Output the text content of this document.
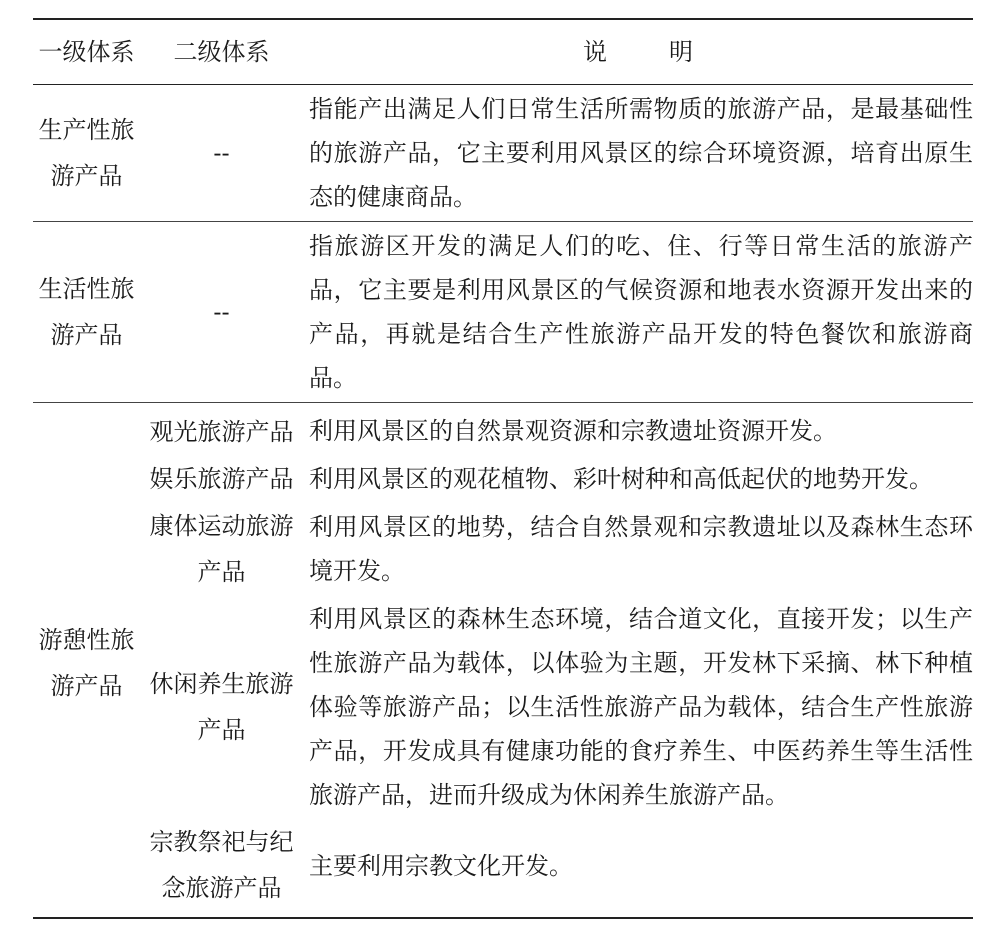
一级体系	二级体系	说明
生产性旅游产品	--	指能产出满足人们日常生活所需物质的旅游产品，是最基础性的旅游产品，它主要利用风景区的综合环境资源，培育出原生态的健康商品。
生活性旅游产品	--	指旅游区开发的满足人们的吃、住、行等日常生活的旅游产品，它主要是利用风景区的气候资源和地表水资源开发出来的产品，再就是结合生产性旅游产品开发的特色餐饮和旅游商品。
游憩性旅游产品	观光旅游产品	利用风景区的自然景观资源和宗教遗址资源开发。
	娱乐旅游产品	利用风景区的观花植物、彩叶树种和高低起伏的地势开发。
	康体运动旅游产品	利用风景区的地势，结合自然景观和宗教遗址以及森林生态环境开发。
	休闲养生旅游产品	利用风景区的森林生态环境，结合道文化，直接开发；以生产性旅游产品为载体，以体验为主题，开发林下采摘、林下种植体验等旅游产品；以生活性旅游产品为载体，结合生产性旅游产品，开发成具有健康功能的食疗养生、中医药养生等生活性旅游产品，进而升级成为休闲养生旅游产品。
	宗教祭祀与纪念旅游产品	主要利用宗教文化开发。
